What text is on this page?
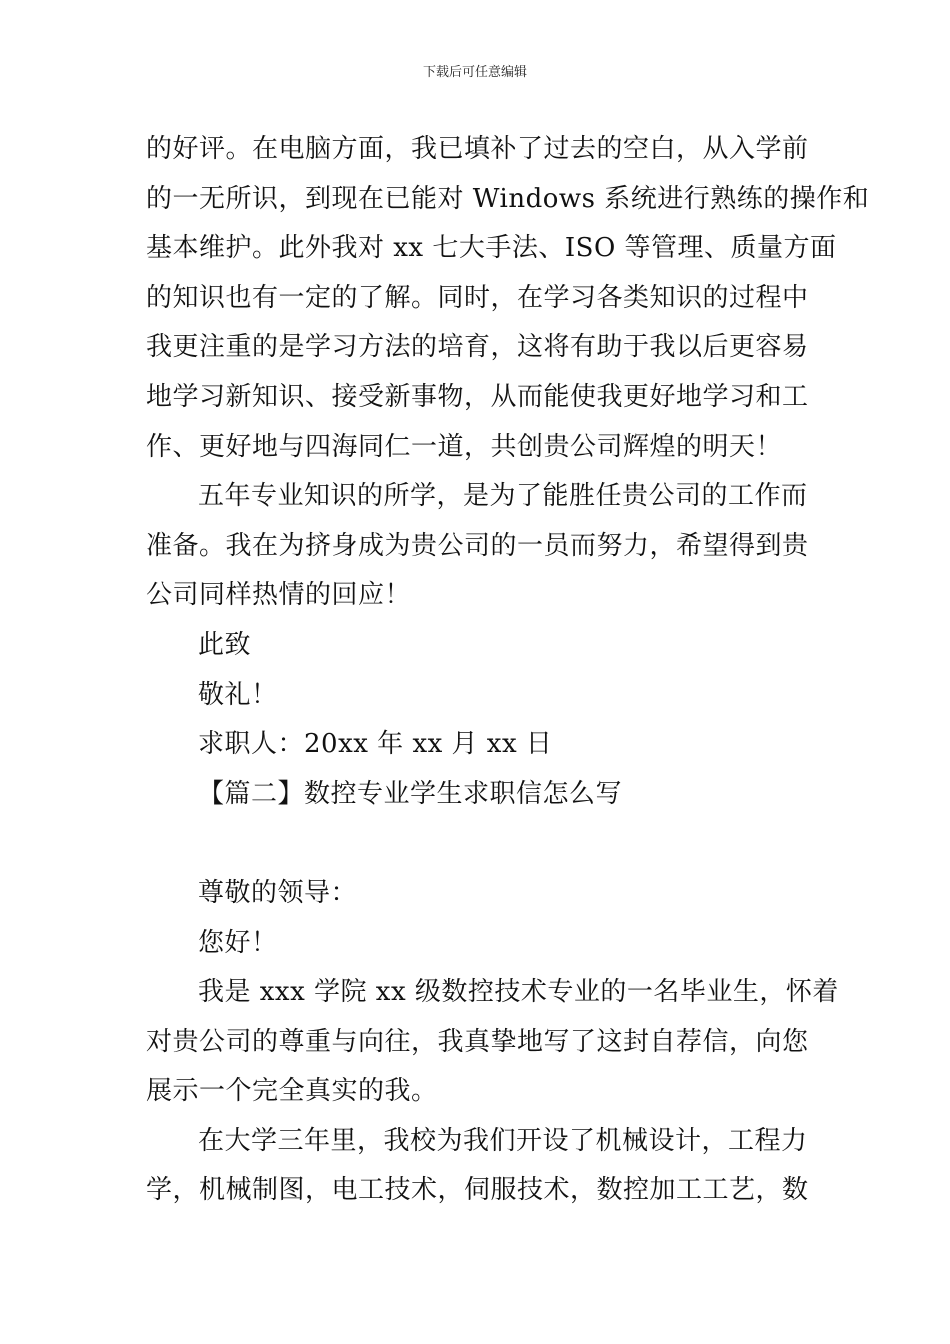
下载后可任意编辑
的好评。在电脑方面，我已填补了过去的空白，从入学前
的一无所识，到现在已能对 Windows 系统进行熟练的操作和
基本维护。此外我对 xx 七大手法、ISO 等管理、质量方面
的知识也有一定的了解。同时，在学习各类知识的过程中
我更注重的是学习方法的培育，这将有助于我以后更容易
地学习新知识、接受新事物，从而能使我更好地学习和工
作、更好地与四海同仁一道，共创贵公司辉煌的明天！
五年专业知识的所学，是为了能胜任贵公司的工作而
准备。我在为挤身成为贵公司的一员而努力，希望得到贵
公司同样热情的回应！
此致
敬礼！
求职人：20xx 年 xx 月 xx 日
【篇二】数控专业学生求职信怎么写
尊敬的领导：
您好！
我是 xxx 学院 xx 级数控技术专业的一名毕业生，怀着
对贵公司的尊重与向往，我真挚地写了这封自荐信，向您
展示一个完全真实的我。
在大学三年里，我校为我们开设了机械设计，工程力
学，机械制图，电工技术，伺服技术，数控加工工艺，数
